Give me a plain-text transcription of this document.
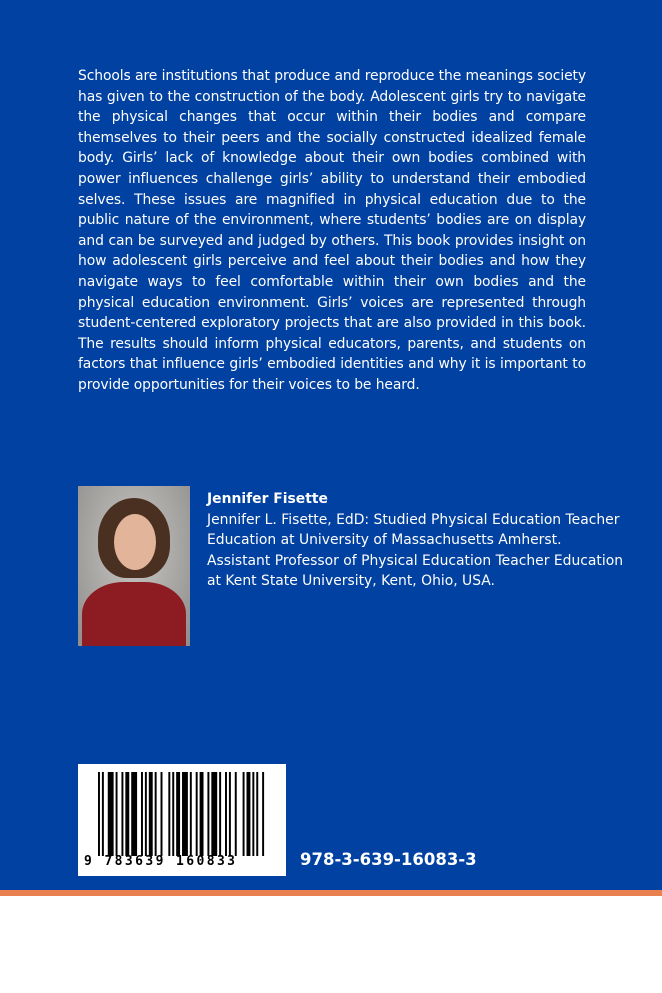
Schools are institutions that produce and reproduce the meanings society has given to the construction of the body. Adolescent girls try to navigate the physical changes that occur within their bodies and compare themselves to their peers and the socially constructed idealized female body. Girls’ lack of knowledge about their own bodies combined with power influences challenge girls’ ability to understand their embodied selves. These issues are magnified in physical education due to the public nature of the environment, where students’ bodies are on display and can be surveyed and judged by others. This book provides insight on how adolescent girls perceive and feel about their bodies and how they navigate ways to feel comfortable within their own bodies and the physical education environment. Girls’ voices are represented through student-centered exploratory projects that are also provided in this book. The results should inform physical educators, parents, and students on factors that influence girls’ embodied identities and why it is important to provide opportunities for their voices to be heard.
Jennifer Fisette
Jennifer L. Fisette, EdD: Studied Physical Education Teacher Education at University of Massachusetts Amherst. Assistant Professor of Physical Education Teacher Education at Kent State University, Kent, Ohio, USA.
9 783639 160833	978-3-639-16083-3
